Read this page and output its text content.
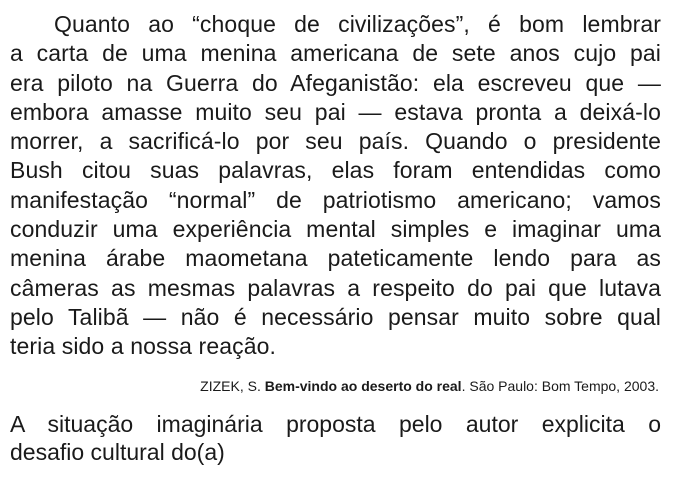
Quanto ao “choque de civilizações”, é bom lembrar
a carta de uma menina americana de sete anos cujo pai
era piloto na Guerra do Afeganistão: ela escreveu que —
embora amasse muito seu pai — estava pronta a deixá-lo
morrer, a sacrificá-lo por seu país. Quando o presidente
Bush citou suas palavras, elas foram entendidas como
manifestação “normal” de patriotismo americano; vamos
conduzir uma experiência mental simples e imaginar uma
menina árabe maometana pateticamente lendo para as
câmeras as mesmas palavras a respeito do pai que lutava
pelo Talibã — não é necessário pensar muito sobre qual
teria sido a nossa reação.
ZIZEK, S. Bem-vindo ao deserto do real. São Paulo: Bom Tempo, 2003.
A situação imaginária proposta pelo autor explicita o
desafio cultural do(a)
